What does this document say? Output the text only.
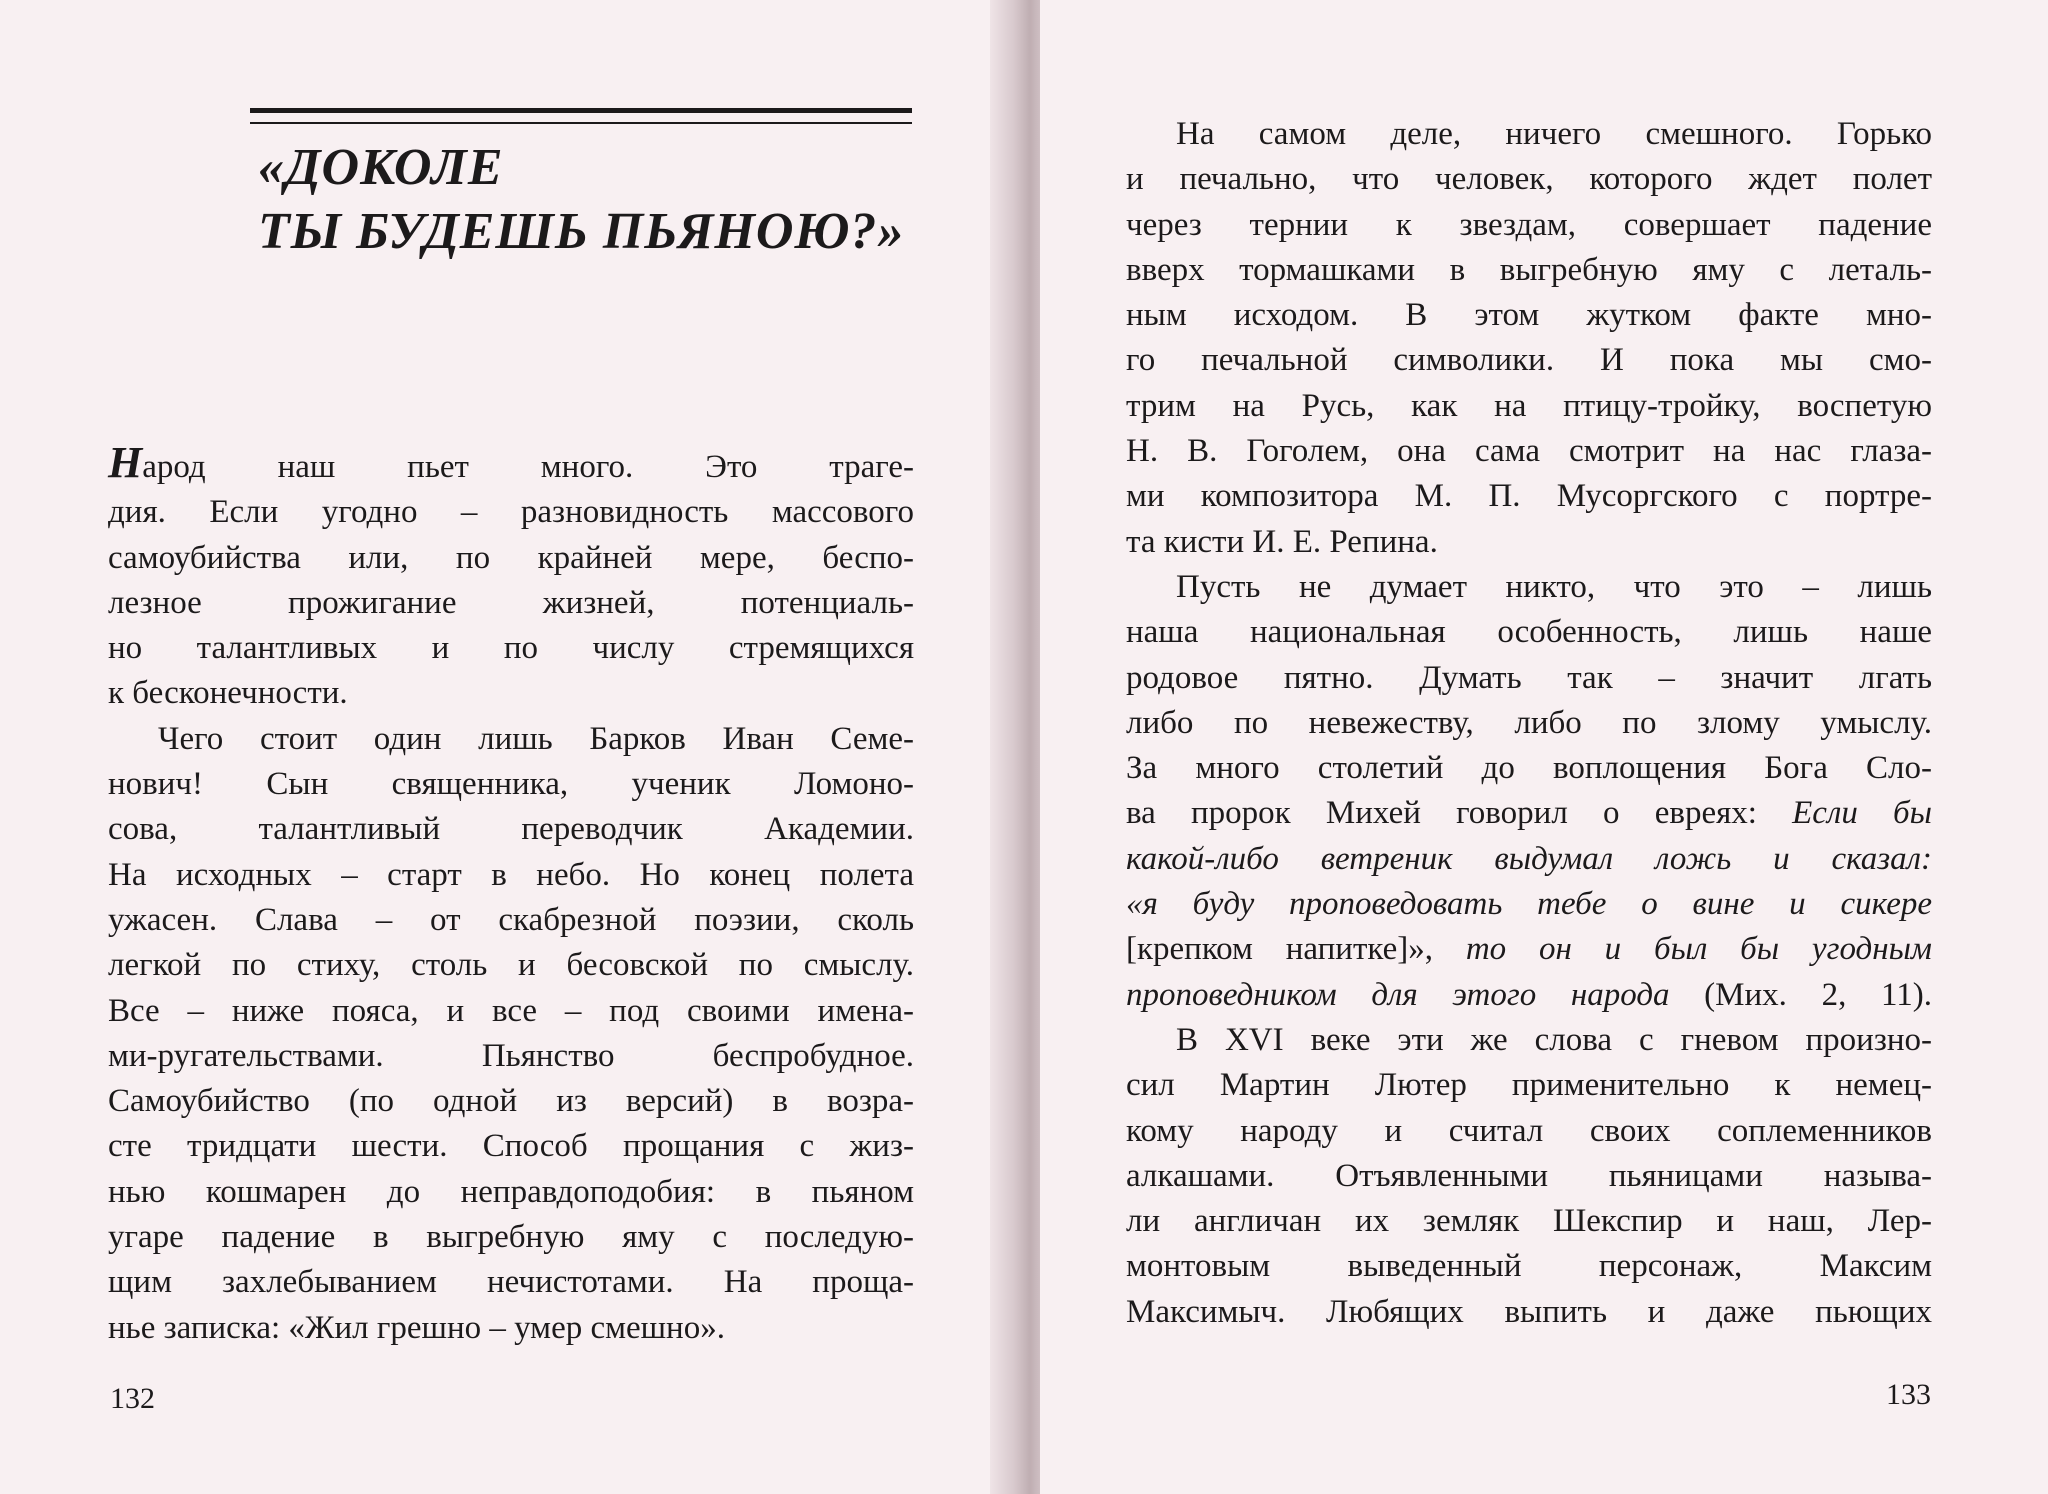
«ДОКОЛЕ
ТЫ БУДЕШЬ ПЬЯНОЮ?»
Народ наш пьет много. Это траге-
дия. Если угодно – разновидность массового
самоубийства или, по крайней мере, беспо-
лезное прожигание жизней, потенциаль-
но талантливых и по числу стремящихся
к бесконечности.
Чего стоит один лишь Барков Иван Семе-
нович! Сын священника, ученик Ломоно-
сова, талантливый переводчик Академии.
На исходных – старт в небо. Но конец полета
ужасен. Слава – от скабрезной поэзии, сколь
легкой по стиху, столь и бесовской по смыслу.
Все – ниже пояса, и все – под своими имена-
ми-ругательствами. Пьянство беспробудное.
Самоубийство (по одной из версий) в возра-
сте тридцати шести. Способ прощания с жиз-
нью кошмарен до неправдоподобия: в пьяном
угаре падение в выгребную яму с последую-
щим захлебыванием нечистотами. На проща-
нье записка: «Жил грешно – умер смешно».
132
На самом деле, ничего смешного. Горько
и печально, что человек, которого ждет полет
через тернии к звездам, совершает падение
вверх тормашками в выгребную яму с леталь-
ным исходом. В этом жутком факте мно-
го печальной символики. И пока мы смо-
трим на Русь, как на птицу-тройку, воспетую
Н. В. Гоголем, она сама смотрит на нас глаза-
ми композитора М. П. Мусоргского с портре-
та кисти И. Е. Репина.
Пусть не думает никто, что это – лишь
наша национальная особенность, лишь наше
родовое пятно. Думать так – значит лгать
либо по невежеству, либо по злому умыслу.
За много столетий до воплощения Бога Сло-
ва пророк Михей говорил о евреях: Если бы
какой-либо ветреник выдумал ложь и сказал:
«я буду проповедовать тебе о вине и сикере
[крепком напитке]», то он и был бы угодным
проповедником для этого народа (Мих. 2, 11).
В XVI веке эти же слова с гневом произно-
сил Мартин Лютер применительно к немец-
кому народу и считал своих соплеменников
алкашами. Отъявленными пьяницами называ-
ли англичан их земляк Шекспир и наш, Лер-
монтовым выведенный персонаж, Максим
Максимыч. Любящих выпить и даже пьющих
133
